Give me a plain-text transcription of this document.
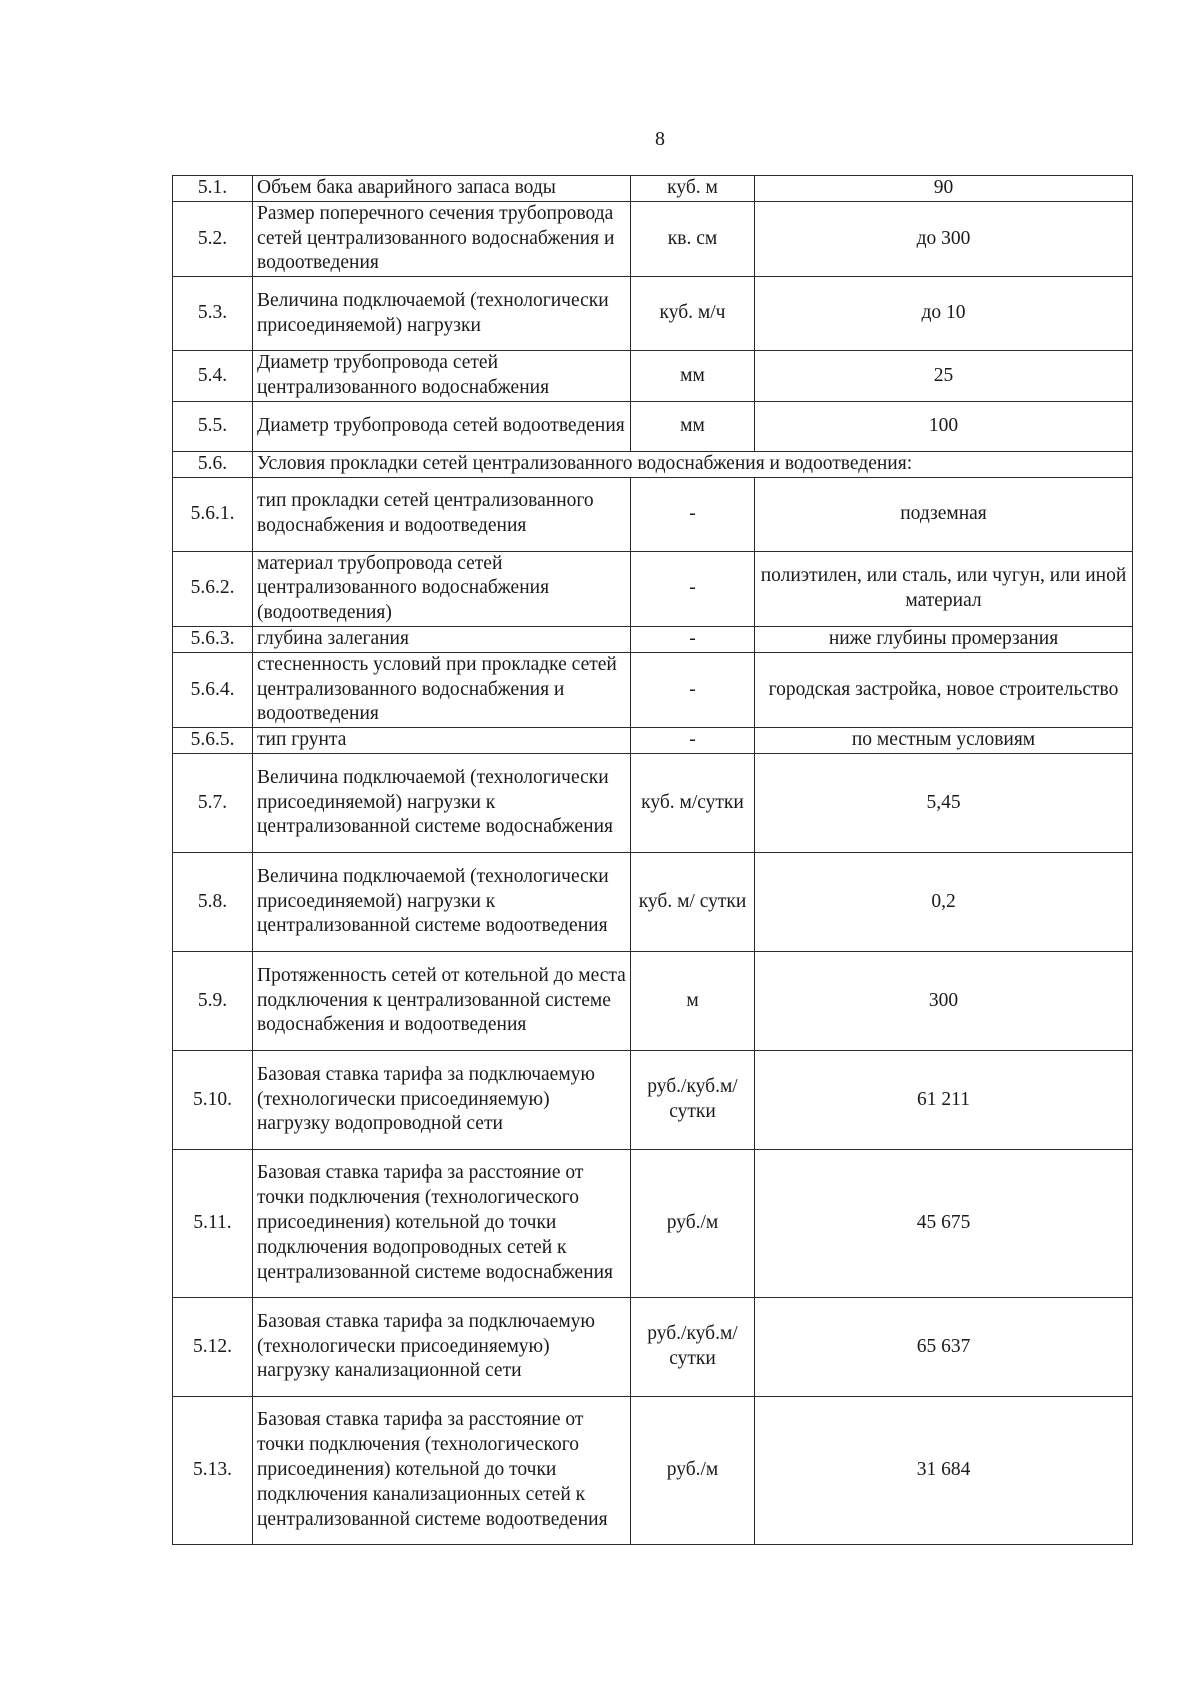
8
5.1.	Объем бака аварийного запаса воды	куб. м	90
5.2.	Размер поперечного сечения трубопровода сетей централизованного водоснабжения и водоотведения	кв. см	до 300
5.3.	Величина подключаемой (технологически присоединяемой) нагрузки	куб. м/ч	до 10
5.4.	Диаметр трубопровода сетей централизованного водоснабжения	мм	25
5.5.	Диаметр трубопровода сетей водоотведения	мм	100
5.6.	Условия прокладки сетей централизованного водоснабжения и водоотведения:		
5.6.1.	тип прокладки сетей централизованного водоснабжения и водоотведения	-	подземная
5.6.2.	материал трубопровода сетей централизованного водоснабжения (водоотведения)	-	полиэтилен, или сталь, или чугун, или иной материал
5.6.3.	глубина залегания	-	ниже глубины промерзания
5.6.4.	стесненность условий при прокладке сетей централизованного водоснабжения и водоотведения	-	городская застройка, новое строительство
5.6.5.	тип грунта	-	по местным условиям
5.7.	Величина подключаемой (технологически присоединяемой) нагрузки к централизованной системе водоснабжения	куб. м/сутки	5,45
5.8.	Величина подключаемой (технологически присоединяемой) нагрузки к централизованной системе водоотведения	куб. м/ сутки	0,2
5.9.	Протяженность сетей от котельной до места подключения к централизованной системе водоснабжения и водоотведения	м	300
5.10.	Базовая ставка тарифа за подключаемую (технологически присоединяемую) нагрузку водопроводной сети	руб./куб.м/ сутки	61 211
5.11.	Базовая ставка тарифа за расстояние от точки подключения (технологического присоединения) котельной до точки подключения водопроводных сетей к централизованной системе водоснабжения	руб./м	45 675
5.12.	Базовая ставка тарифа за подключаемую (технологически присоединяемую) нагрузку канализационной сети	руб./куб.м/ сутки	65 637
5.13.	Базовая ставка тарифа за расстояние от точки подключения (технологического присоединения) котельной до точки подключения канализационных сетей к централизованной системе водоотведения	руб./м	31 684
